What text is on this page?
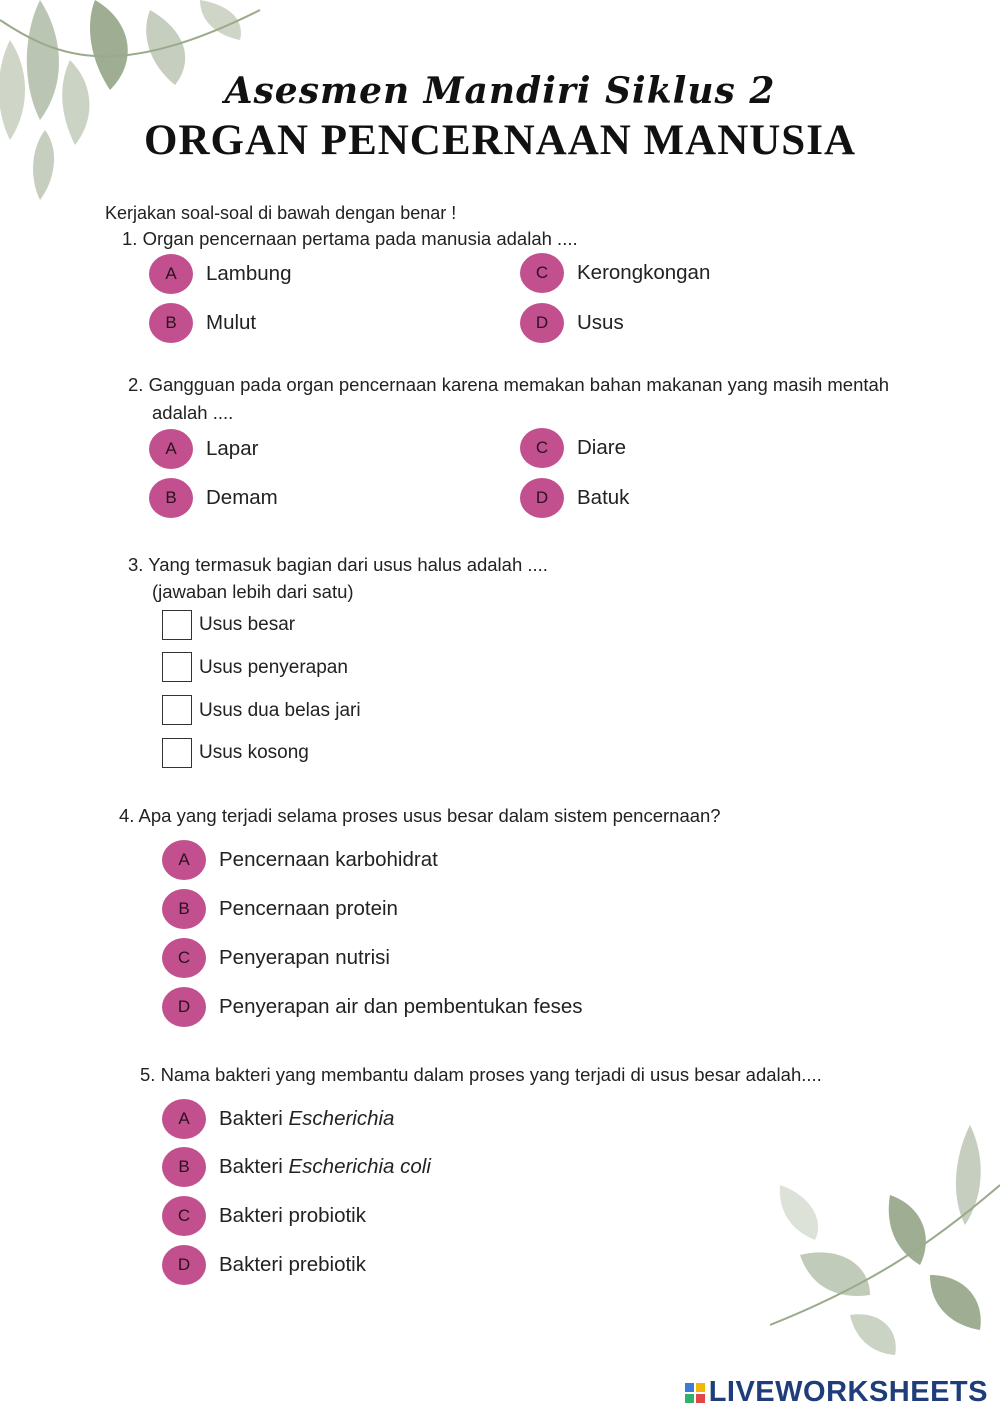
Asesmen Mandiri Siklus 2
ORGAN PENCERNAAN MANUSIA
Kerjakan soal-soal di bawah dengan benar !
1. Organ pencernaan pertama pada manusia adalah ....
A	Lambung
B	Mulut
C	Kerongkongan
D	Usus
2. Gangguan pada organ pencernaan karena memakan bahan makanan yang masih mentah
adalah ....
A	Lapar
B	Demam
C	Diare
D	Batuk
3. Yang termasuk bagian dari usus halus adalah ....
(jawaban lebih dari satu)
Usus besar
Usus penyerapan
Usus dua belas jari
Usus kosong
4. Apa yang terjadi selama proses usus besar dalam sistem pencernaan?
A	Pencernaan karbohidrat
B	Pencernaan protein
C	Penyerapan nutrisi
D	Penyerapan air dan pembentukan feses
5. Nama bakteri yang membantu dalam proses yang terjadi di usus besar adalah....
A	Bakteri Escherichia
B	Bakteri Escherichia coli
C	Bakteri probiotik
D	Bakteri prebiotik
LIVEWORKSHEETS
